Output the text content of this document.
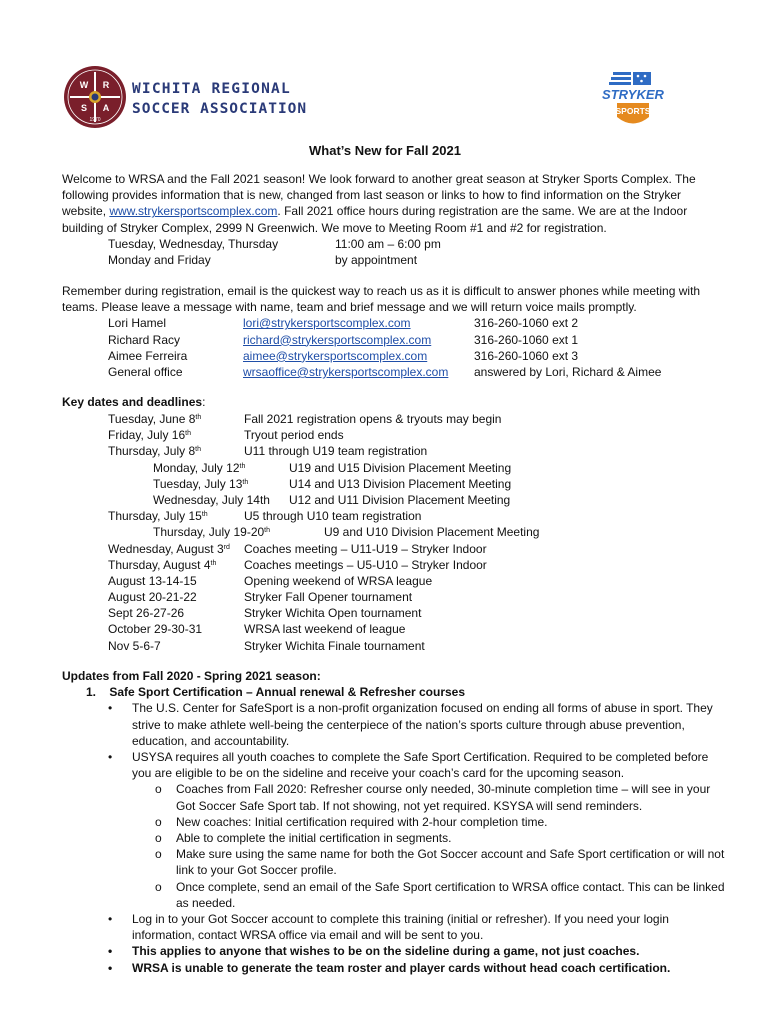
W R
S A
1970
WICHITA REGIONAL
SOCCER ASSOCIATION
STRYKER
SPORTS
What’s New for Fall 2021
Welcome to WRSA and the Fall 2021 season! We look forward to another great season at Stryker Sports Complex. The following provides information that is new, changed from last season or links to how to find information on the Stryker website, www.strykersportscomplex.com. Fall 2021 office hours during registration are the same. We are at the Indoor building of Stryker Complex, 2999 N Greenwich. We move to Meeting Room #1 and #2 for registration.
Tuesday, Wednesday, Thursday	11:00 am – 6:00 pm
Monday and Friday	by appointment
Remember during registration, email is the quickest way to reach us as it is difficult to answer phones while meeting with teams. Please leave a message with name, team and brief message and we will return voice mails promptly.
Lori Hamel	lori@strykersportscomplex.com	316-260-1060 ext 2
Richard Racy	richard@strykersportscomplex.com	316-260-1060 ext 1
Aimee Ferreira	aimee@strykersportscomplex.com	316-260-1060 ext 3
General office	wrsaoffice@strykersportscomplex.com answered by Lori, Richard & Aimee
Key dates and deadlines:
Tuesday, June 8th	Fall 2021 registration opens & tryouts may begin
Friday, July 16th	Tryout period ends
Thursday, July 8th	U11 through U19 team registration
Monday, July 12th	U19 and U15 Division Placement Meeting
Tuesday, July 13th	U14 and U13 Division Placement Meeting
Wednesday, July 14th U12 and U11 Division Placement Meeting
Thursday, July 15th	U5 through U10 team registration
Thursday, July 19-20th	U9 and U10 Division Placement Meeting
Wednesday, August 3rd Coaches meeting – U11-U19 – Stryker Indoor
Thursday, August 4th Coaches meetings – U5-U10 – Stryker Indoor
August 13-14-15	Opening weekend of WRSA league
August 20-21-22	Stryker Fall Opener tournament
Sept 26-27-26	Stryker Wichita Open tournament
October 29-30-31	WRSA last weekend of league
Nov 5-6-7	Stryker Wichita Finale tournament
Updates from Fall 2020 - Spring 2021 season:
1. Safe Sport Certification – Annual renewal & Refresher courses
• The U.S. Center for SafeSport is a non-profit organization focused on ending all forms of abuse in sport. They strive to make athlete well-being the centerpiece of the nation’s sports culture through abuse prevention, education, and accountability.
• USYSA requires all youth coaches to complete the Safe Sport Certification. Required to be completed before you are eligible to be on the sideline and receive your coach’s card for the upcoming season.
o Coaches from Fall 2020: Refresher course only needed, 30-minute completion time – will see in your Got Soccer Safe Sport tab. If not showing, not yet required. KSYSA will send reminders.
o New coaches: Initial certification required with 2-hour completion time.
o Able to complete the initial certification in segments.
o Make sure using the same name for both the Got Soccer account and Safe Sport certification or will not link to your Got Soccer profile.
o Once complete, send an email of the Safe Sport certification to WRSA office contact. This can be linked as needed.
• Log in to your Got Soccer account to complete this training (initial or refresher). If you need your login information, contact WRSA office via email and will be sent to you.
• This applies to anyone that wishes to be on the sideline during a game, not just coaches.
• WRSA is unable to generate the team roster and player cards without head coach certification.
